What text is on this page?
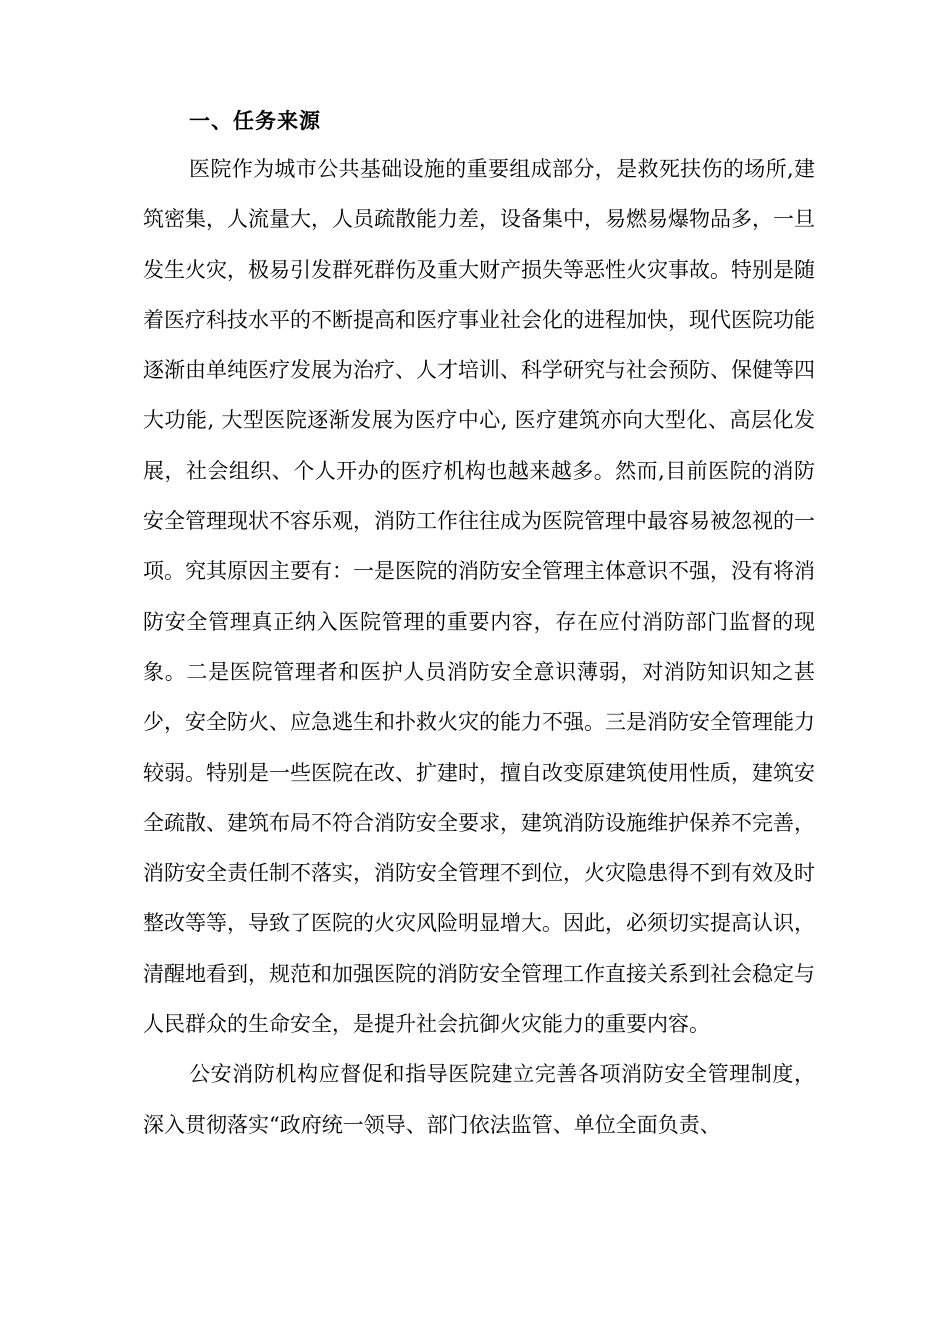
一、任务来源

医院作为城市公共基础设施的重要组成部分，是救死扶伤的场所,建筑密集，人流量大，人员疏散能力差，设备集中，易燃易爆物品多，一旦发生火灾，极易引发群死群伤及重大财产损失等恶性火灾事故。特别是随着医疗科技水平的不断提高和医疗事业社会化的进程加快，现代医院功能逐渐由单纯医疗发展为治疗、人才培训、科学研究与社会预防、保健等四大功能, 大型医院逐渐发展为医疗中心, 医疗建筑亦向大型化、高层化发展，社会组织、个人开办的医疗机构也越来越多。然而,目前医院的消防安全管理现状不容乐观，消防工作往往成为医院管理中最容易被忽视的一项。究其原因主要有：一是医院的消防安全管理主体意识不强，没有将消防安全管理真正纳入医院管理的重要内容，存在应付消防部门监督的现象。二是医院管理者和医护人员消防安全意识薄弱，对消防知识知之甚少，安全防火、应急逃生和扑救火灾的能力不强。三是消防安全管理能力较弱。特别是一些医院在改、扩建时，擅自改变原建筑使用性质，建筑安全疏散、建筑布局不符合消防安全要求，建筑消防设施维护保养不完善，消防安全责任制不落实，消防安全管理不到位，火灾隐患得不到有效及时整改等等，导致了医院的火灾风险明显增大。因此，必须切实提高认识，清醒地看到，规范和加强医院的消防安全管理工作直接关系到社会稳定与人民群众的生命安全，是提升社会抗御火灾能力的重要内容。

公安消防机构应督促和指导医院建立完善各项消防安全管理制度，深入贯彻落实“政府统一领导、部门依法监管、单位全面负责、
